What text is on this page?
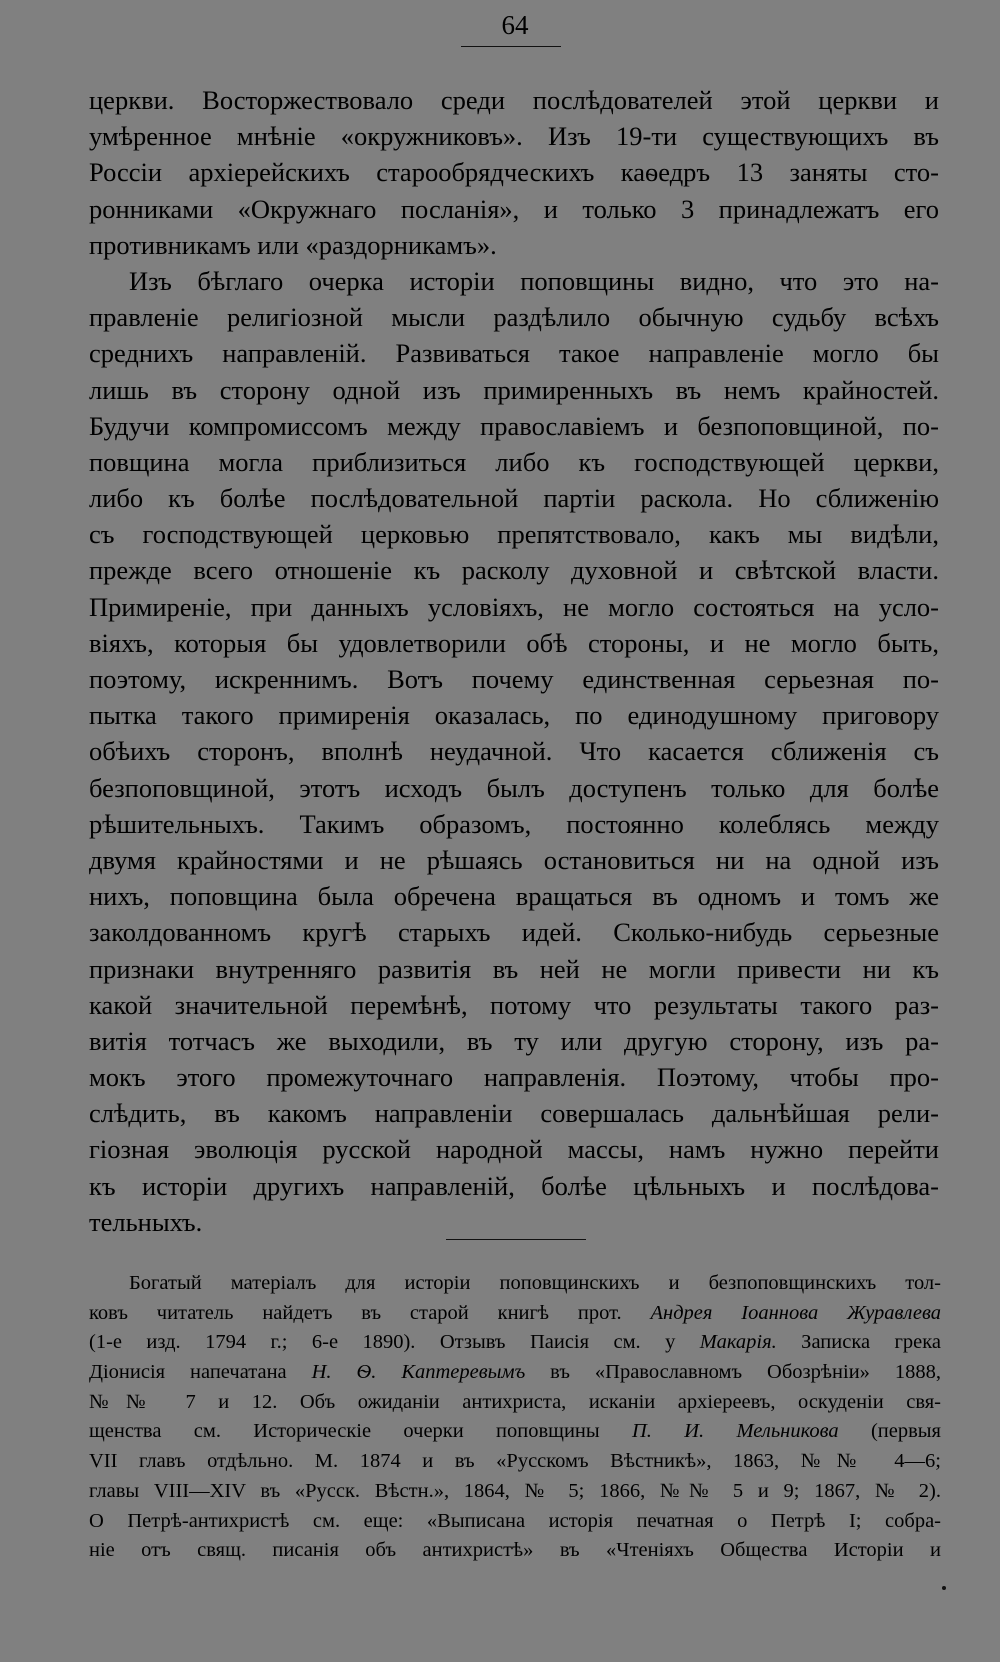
64
церкви. Восторжествовало среди послѣдователей этой церкви и
умѣренное мнѣніе «окружниковъ». Изъ 19-ти существующихъ въ
Россіи архіерейскихъ старообрядческихъ каѳедръ 13 заняты сто-
ронниками «Окружнаго посланія», и только 3 принадлежатъ его
противникамъ или «раздорникамъ».
Изъ бѣглаго очерка исторіи поповщины видно, что это на-
правленіе религіозной мысли раздѣлило обычную судьбу всѣхъ
среднихъ направленій. Развиваться такое направленіе могло бы
лишь въ сторону одной изъ примиренныхъ въ немъ крайностей.
Будучи компромиссомъ между православіемъ и безпоповщиной, по-
повщина могла приблизиться либо къ господствующей церкви,
либо къ болѣе послѣдовательной партіи раскола. Но сближенію
съ господствующей церковью препятствовало, какъ мы видѣли,
прежде всего отношеніе къ расколу духовной и свѣтской власти.
Примиреніе, при данныхъ условіяхъ, не могло состояться на усло-
віяхъ, которыя бы удовлетворили обѣ стороны, и не могло быть,
поэтому, искреннимъ. Вотъ почему единственная серьезная по-
пытка такого примиренія оказалась, по единодушному приговору
обѣихъ сторонъ, вполнѣ неудачной. Что касается сближенія съ
безпоповщиной, этотъ исходъ былъ доступенъ только для болѣе
рѣшительныхъ. Такимъ образомъ, постоянно колеблясь между
двумя крайностями и не рѣшаясь остановиться ни на одной изъ
нихъ, поповщина была обречена вращаться въ одномъ и томъ же
заколдованномъ кругѣ старыхъ идей. Сколько-нибудь серьезные
признаки внутренняго развитія въ ней не могли привести ни къ
какой значительной перемѣнѣ, потому что результаты такого раз-
витія тотчасъ же выходили, въ ту или другую сторону, изъ ра-
мокъ этого промежуточнаго направленія. Поэтому, чтобы про-
слѣдить, въ какомъ направленіи совершалась дальнѣйшая рели-
гіозная эволюція русской народной массы, намъ нужно перейти
къ исторіи другихъ направленій, болѣе цѣльныхъ и послѣдова-
тельныхъ.
Богатый матеріалъ для исторіи поповщинскихъ и безпоповщинскихъ тол-
ковъ читатель найдетъ въ старой книгѣ прот. Андрея Іоаннова Журавлева
(1-е изд. 1794 г.; 6-е 1890). Отзывъ Паисія см. у Макарія. Записка грека
Діонисія напечатана Н. Ѳ. Каптеревымъ въ «Православномъ Обозрѣніи» 1888,
№№ 7 и 12. Объ ожиданіи антихриста, исканіи архіереевъ, оскуденіи свя-
щенства см. Историческіе очерки поповщины П. И. Мельникова (первыя
VII главъ отдѣльно. М. 1874 и въ «Русскомъ Вѣстникѣ», 1863, №№ 4—6;
главы VIII—XIV въ «Русск. Вѣстн.», 1864, № 5; 1866, №№ 5 и 9; 1867, № 2).
О Петрѣ-антихристѣ см. еще: «Выписана исторія печатная о Петрѣ I; собра-
ніе отъ свящ. писанія объ антихристѣ» въ «Чтеніяхъ Общества Исторіи и
